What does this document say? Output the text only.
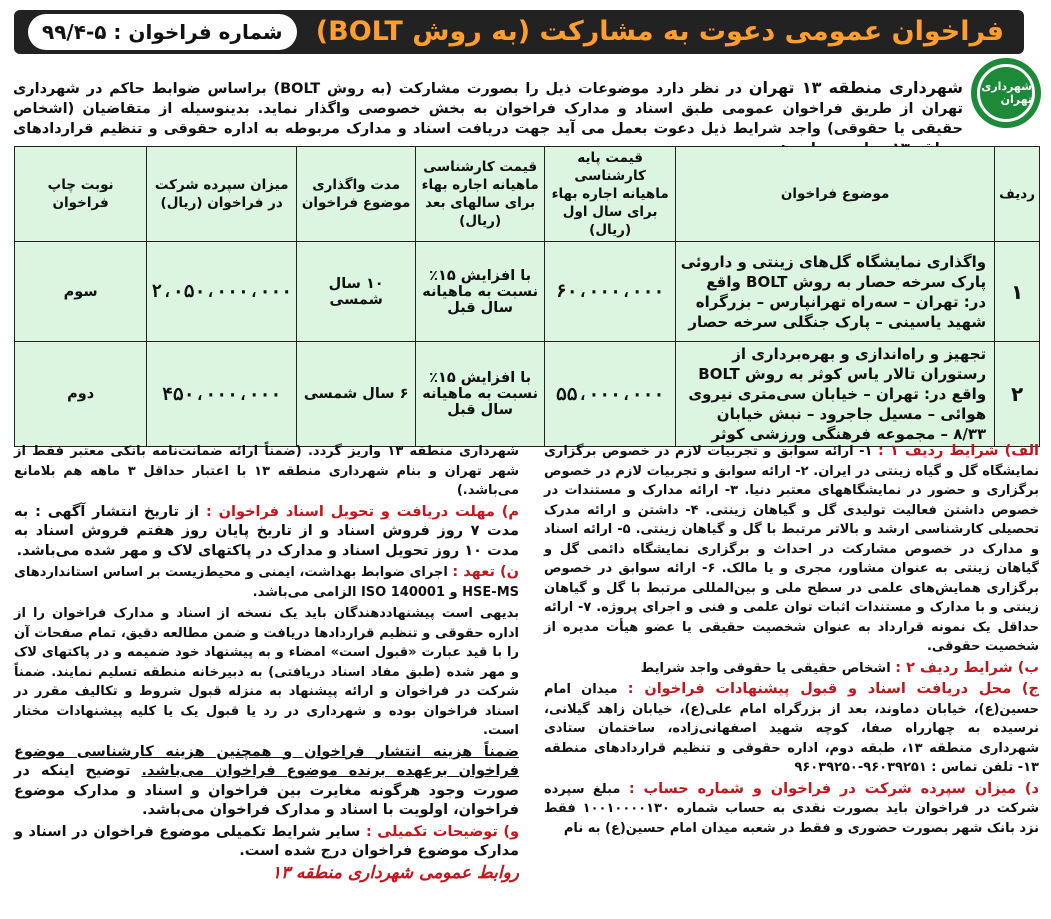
فراخوان عمومی دعوت به مشارکت (به روش BOLT)
شماره فراخوان : ۵-۹۹/۴
شهرداری تهران
شهرداری منطقه ۱۳ تهران در نظر دارد موضوعات ذیل را بصورت مشارکت (به روش BOLT) براساس ضوابط حاکم در شهرداری تهران از طریق فراخوان عمومی طبق اسناد و مدارک فراخوان به بخش خصوصی واگذار نماید. بدینوسیله از متقاضیان (اشخاص حقیقی یا حقوقی) واجد شرایط ذیل دعوت بعمل می آید جهت دریافت اسناد و مدارک مربوطه به اداره حقوقی و تنظیم قراردادهای
ردیف	موضوع فراخوان	قیمت پایه کارشناسی ماهیانه اجاره بهاء برای سال اول (ریال)	قیمت کارشناسی ماهیانه اجاره بهاء برای سالهای بعد (ریال)	مدت واگذاری موضوع فراخوان	میزان سپرده شرکت در فراخوان (ریال)	نوبت چاپ فراخوان
۱	واگذاری نمایشگاه گل‌های زینتی و داروئی پارک سرخه حصار به روش BOLT واقع در: تهران – سه‌راه تهرانپارس – بزرگراه شهید یاسینی – پارک جنگلی سرخه حصار	۶۰،۰۰۰،۰۰۰	با افزایش ۱۵٪ نسبت به ماهیانه سال قبل	۱۰ سال شمسی	۲،۰۵۰،۰۰۰،۰۰۰	سوم
۲	تجهیز و راه‌اندازی و بهره‌برداری از رستوران تالار یاس کوثر به روش BOLT واقع در: تهران – خیابان سی‌متری نیروی هوائی – مسیل جاجرود – نبش خیابان ۸/۳۳ – مجموعه فرهنگی ورزشی کوثر	۵۵،۰۰۰،۰۰۰	با افزایش ۱۵٪ نسبت به ماهیانه سال قبل	۶ سال شمسی	۴۵۰،۰۰۰،۰۰۰	دوم

الف) شرایط ردیف ۱ : ۱- ارائه سوابق و تجربیات لازم در خصوص برگزاری نمایشگاه گل و گیاه زینتی در ایران. ۲- ارائه سوابق و تجربیات لازم در خصوص برگزاری و حضور در نمایشگاههای معتبر دنیا. ۳- ارائه مدارک و مستندات در خصوص داشتن فعالیت تولیدی گل و گیاهان زینتی. ۴- داشتن و ارائه مدرک تحصیلی کارشناسی ارشد و بالاتر مرتبط با گل و گیاهان زینتی. ۵- ارائه اسناد و مدارک در خصوص مشارکت در احداث و برگزاری نمایشگاه دائمی گل و گیاهان زینتی به عنوان مشاور، مجری و یا مالک. ۶- ارائه سوابق در خصوص برگزاری همایش‌های علمی در سطح ملی و بین‌المللی مرتبط با گل و گیاهان زینتی و با مدارک و مستندات اثبات توان علمی و فنی و اجرای پروژه. ۷- ارائه حداقل یک نمونه قرارداد به عنوان شخصیت حقیقی یا عضو هیأت مدیره از شخصیت حقوقی.

ب) شرایط ردیف ۲ : اشخاص حقیقی یا حقوقی واجد شرایط

ج) محل دریافت اسناد و قبول پیشنهادات فراخوان : میدان امام حسین(ع)، خیابان دماوند، بعد از بزرگراه امام علی(ع)، خیابان زاهد گیلانی، نرسیده به چهارراه صفا، کوچه شهید اصفهانی‌زاده، ساختمان ستادی شهرداری منطقه ۱۳، طبقه دوم، اداره حقوقی و تنظیم قراردادهای منطقه ۱۳- تلفن تماس : ۹۶۰۳۹۲۵۱-۹۶۰۳۹۲۵۰

د) میزان سپرده شرکت در فراخوان و شماره حساب : مبلغ سپرده شرکت در فراخوان باید بصورت نقدی به حساب شماره ۱۰۰۱۰۰۰۰۱۳۰ فقط نزد بانک شهر بصورت حضوری و فقط در شعبه میدان امام حسین(ع) به نام

شهرداری منطقه ۱۳ واریز گردد. (ضمناً ارائه ضمانت‌نامه بانکی معتبر فقط از شهر تهران و بنام شهرداری منطقه ۱۳ با اعتبار حداقل ۳ ماهه هم بلامانع می‌باشد.)

م) مهلت دریافت و تحویل اسناد فراخوان : از تاریخ انتشار آگهی : به مدت ۷ روز فروش اسناد و از تاریخ پایان روز هفتم فروش اسناد به مدت ۱۰ روز تحویل اسناد و مدارک در پاکتهای لاک و مهر شده می‌باشد.

ن) تعهد : اجرای ضوابط بهداشت، ایمنی و محیط‌زیست بر اساس استانداردهای HSE-MS و ISO 140001 الزامی می‌باشد.

بدیهی است پیشنهاددهندگان باید یک نسخه از اسناد و مدارک فراخوان را از اداره حقوقی و تنظیم قراردادها دریافت و ضمن مطالعه دقیق، تمام صفحات آن را با قید عبارت «قبول است» امضاء و به پیشنهاد خود ضمیمه و در پاکتهای لاک و مهر شده (طبق مفاد اسناد دریافتی) به دبیرخانه منطقه تسلیم نمایند. ضمناً شرکت در فراخوان و ارائه پیشنهاد به منزله قبول شروط و تکالیف مقرر در اسناد فراخوان بوده و شهرداری در رد یا قبول یک یا کلیه پیشنهادات مختار است.

ضمناً هزینه انتشار فراخوان و همچنین هزینه کارشناسی موضوع فراخوان برعهده برنده موضوع فراخوان می‌باشد. توضیح اینکه در صورت وجود هرگونه مغایرت بین فراخوان و اسناد و مدارک موضوع فراخوان، اولویت با اسناد و مدارک فراخوان می‌باشد.

و) توضیحات تکمیلی : سایر شرایط تکمیلی موضوع فراخوان در اسناد و مدارک موضوع فراخوان درج شده است.

روابط عمومی شهرداری منطقه ۱۳
